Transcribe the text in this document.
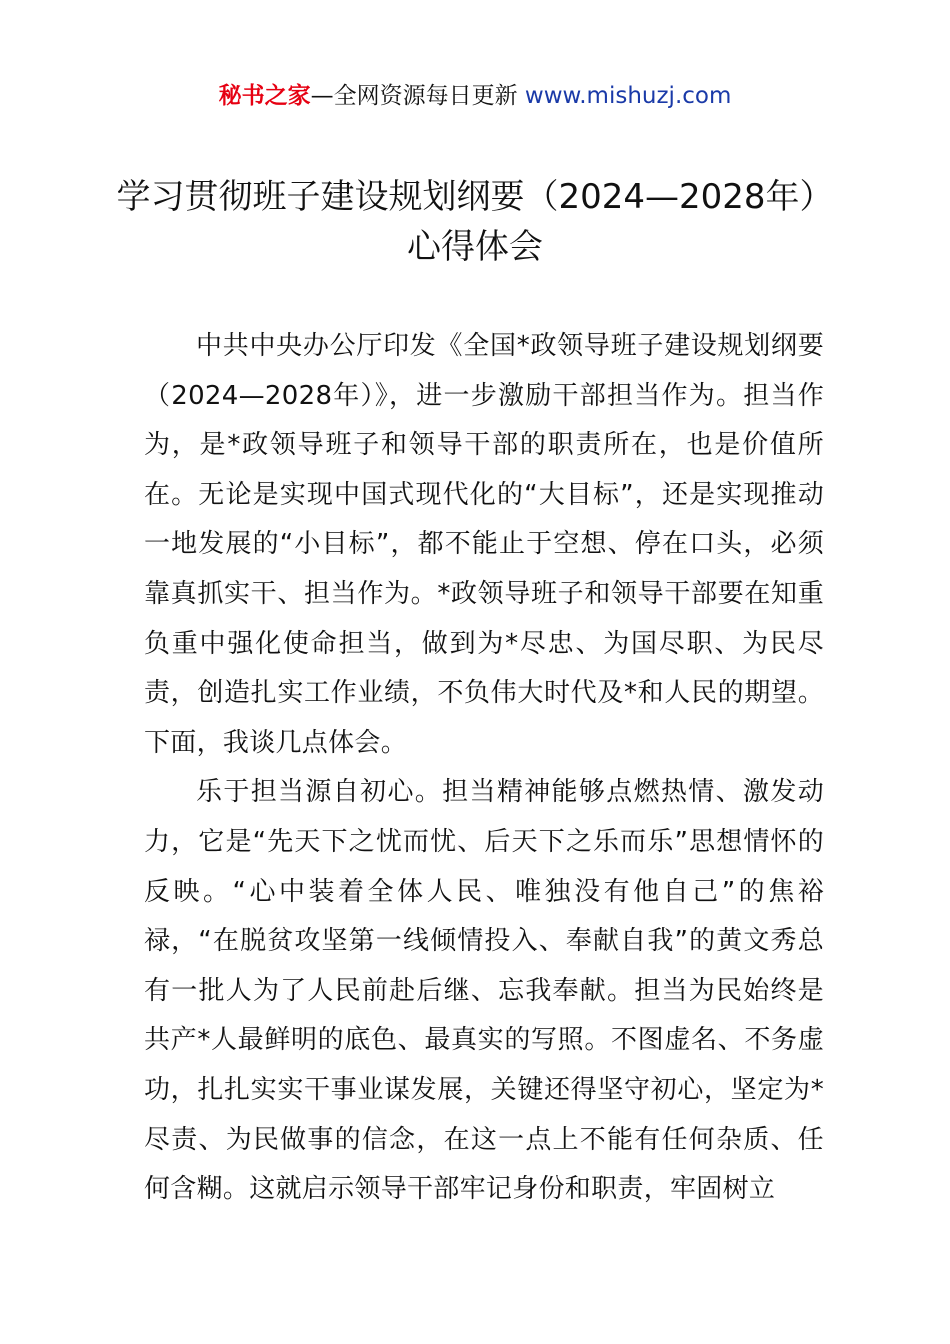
秘书之家—全网资源每日更新 www.mishuzj.com
学习贯彻班子建设规划纲要（2024—2028年）心得体会

中共中央办公厅印发《全国*政领导班子建设规划纲要（2024—2028年）》，进一步激励干部担当作为。担当作为，是*政领导班子和领导干部的职责所在，也是价值所在。无论是实现中国式现代化的“大目标”，还是实现推动一地发展的“小目标”，都不能止于空想、停在口头，必须靠真抓实干、担当作为。*政领导班子和领导干部要在知重负重中强化使命担当，做到为*尽忠、为国尽职、为民尽责，创造扎实工作业绩，不负伟大时代及*和人民的期望。下面，我谈几点体会。

乐于担当源自初心。担当精神能够点燃热情、激发动力，它是“先天下之忧而忧、后天下之乐而乐”思想情怀的反映。“心中装着全体人民、唯独没有他自己”的焦裕禄，“在脱贫攻坚第一线倾情投入、奉献自我”的黄文秀总有一批人为了人民前赴后继、忘我奉献。担当为民始终是共产*人最鲜明的底色、最真实的写照。不图虚名、不务虚功，扎扎实实干事业谋发展，关键还得坚守初心，坚定为*尽责、为民做事的信念，在这一点上不能有任何杂质、任何含糊。这就启示领导干部牢记身份和职责，牢固树立
